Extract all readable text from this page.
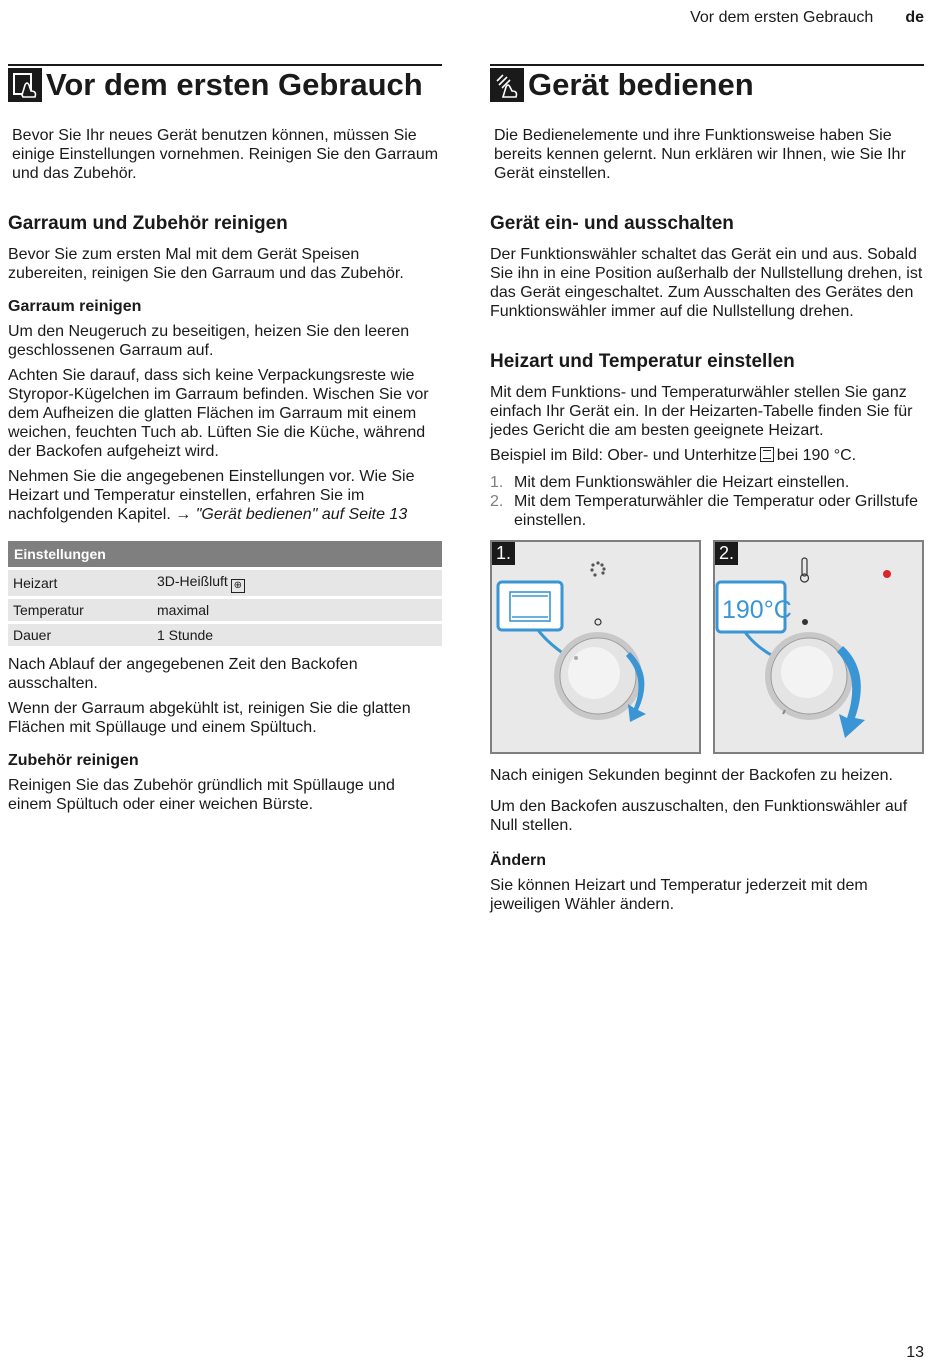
Vor dem ersten Gebrauch de
Vor dem ersten Gebrauch

Bevor Sie Ihr neues Gerät benutzen können, müssen Sie einige Einstellungen vornehmen. Reinigen Sie den Garraum und das Zubehör.

Garraum und Zubehör reinigen

Bevor Sie zum ersten Mal mit dem Gerät Speisen zubereiten, reinigen Sie den Garraum und das Zubehör.

Garraum reinigen

Um den Neugeruch zu beseitigen, heizen Sie den leeren geschlossenen Garraum auf.

Achten Sie darauf, dass sich keine Verpackungsreste wie Styropor-Kügelchen im Garraum befinden. Wischen Sie vor dem Aufheizen die glatten Flächen im Garraum mit einem weichen, feuchten Tuch ab. Lüften Sie die Küche, während der Backofen aufgeheizt wird.

Nehmen Sie die angegebenen Einstellungen vor. Wie Sie Heizart und Temperatur einstellen, erfahren Sie im nachfolgenden Kapitel. → "Gerät bedienen" auf Seite 13

Einstellungen	
Heizart	3D-Heißluft ⊕
Temperatur	maximal
Dauer	1 Stunde

Nach Ablauf der angegebenen Zeit den Backofen ausschalten.

Wenn der Garraum abgekühlt ist, reinigen Sie die glatten Flächen mit Spüllauge und einem Spültuch.

Zubehör reinigen

Reinigen Sie das Zubehör gründlich mit Spüllauge und einem Spültuch oder einer weichen Bürste.

Gerät bedienen

Die Bedienelemente und ihre Funktionsweise haben Sie bereits kennen gelernt. Nun erklären wir Ihnen, wie Sie Ihr Gerät einstellen.

Gerät ein- und ausschalten

Der Funktionswähler schaltet das Gerät ein und aus. Sobald Sie ihn in eine Position außerhalb der Nullstellung drehen, ist das Gerät eingeschaltet. Zum Ausschalten des Gerätes den Funktionswähler immer auf die Nullstellung drehen.

Heizart und Temperatur einstellen

Mit dem Funktions- und Temperaturwähler stellen Sie ganz einfach Ihr Gerät ein. In der Heizarten-Tabelle finden Sie für jedes Gericht die am besten geeignete Heizart.

Beispiel im Bild: Ober- und Unterhitze bei 190 °C.

1. Mit dem Funktionswähler die Heizart einstellen.
2. Mit dem Temperaturwähler die Temperatur oder Grillstufe einstellen.
1.	2.
190°C

Nach einigen Sekunden beginnt der Backofen zu heizen.

Um den Backofen auszuschalten, den Funktionswähler auf Null stellen.

Ändern

Sie können Heizart und Temperatur jederzeit mit dem jeweiligen Wähler ändern.

13
